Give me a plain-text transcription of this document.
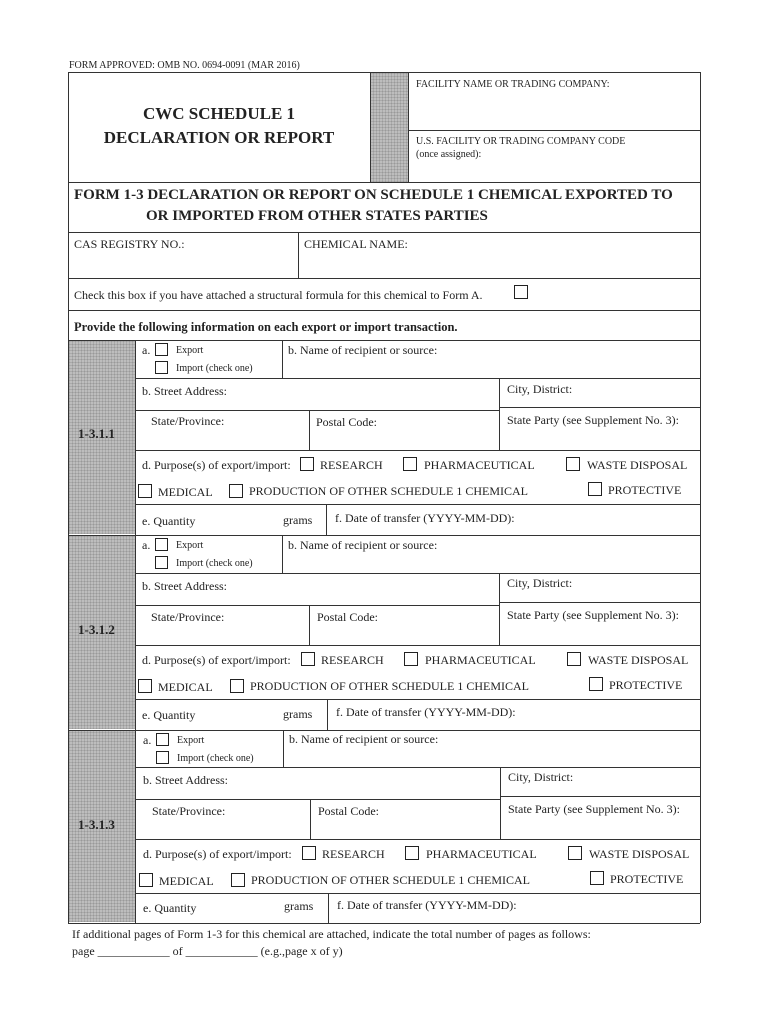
FORM APPROVED: OMB NO. 0694-0091 (MAR 2016)
CWC SCHEDULE 1
DECLARATION OR REPORT
FACILITY NAME OR TRADING COMPANY:
U.S. FACILITY OR TRADING COMPANY CODE
(once assigned):
FORM 1-3 DECLARATION OR REPORT ON SCHEDULE 1 CHEMICAL EXPORTED TO
OR IMPORTED FROM OTHER STATES PARTIES
CAS REGISTRY NO.:	CHEMICAL NAME:
Check this box if you have attached a structural formula for this chemical to Form A.
Provide the following information on each export or import transaction.
1-3.1.1
a.	Export
Import (check one)
b. Name of recipient or source:
b. Street Address:	City, District:
State/Province:	Postal Code:	State Party (see Supplement No. 3):
d. Purpose(s) of export/import: RESEARCH	PHARMACEUTICAL	WASTE DISPOSAL
MEDICAL	PRODUCTION OF OTHER SCHEDULE 1 CHEMICAL	PROTECTIVE
e. Quantity	grams f. Date of transfer (YYYY-MM-DD):
1-3.1.2
a.	Export
Import (check one)
b. Name of recipient or source:
b. Street Address:	City, District:
State/Province:	Postal Code:	State Party (see Supplement No. 3):
d. Purpose(s) of export/import:	RESEARCH	PHARMACEUTICAL	WASTE DISPOSAL
MEDICAL	PRODUCTION OF OTHER SCHEDULE 1 CHEMICAL	PROTECTIVE
e. Quantity	grams f. Date of transfer (YYYY-MM-DD):
1-3.1.3
a.	Export
Import (check one)
b. Name of recipient or source:
b. Street Address:	City, District:
State/Province:	Postal Code:	State Party (see Supplement No. 3):
d. Purpose(s) of export/import:	RESEARCH	PHARMACEUTICAL	WASTE DISPOSAL
MEDICAL	PRODUCTION OF OTHER SCHEDULE 1 CHEMICAL	PROTECTIVE
e. Quantity	grams f. Date of transfer (YYYY-MM-DD):
If additional pages of Form 1-3 for this chemical are attached, indicate the total number of pages as follows:
page ____________ of ____________ (e.g.,page x of y)
